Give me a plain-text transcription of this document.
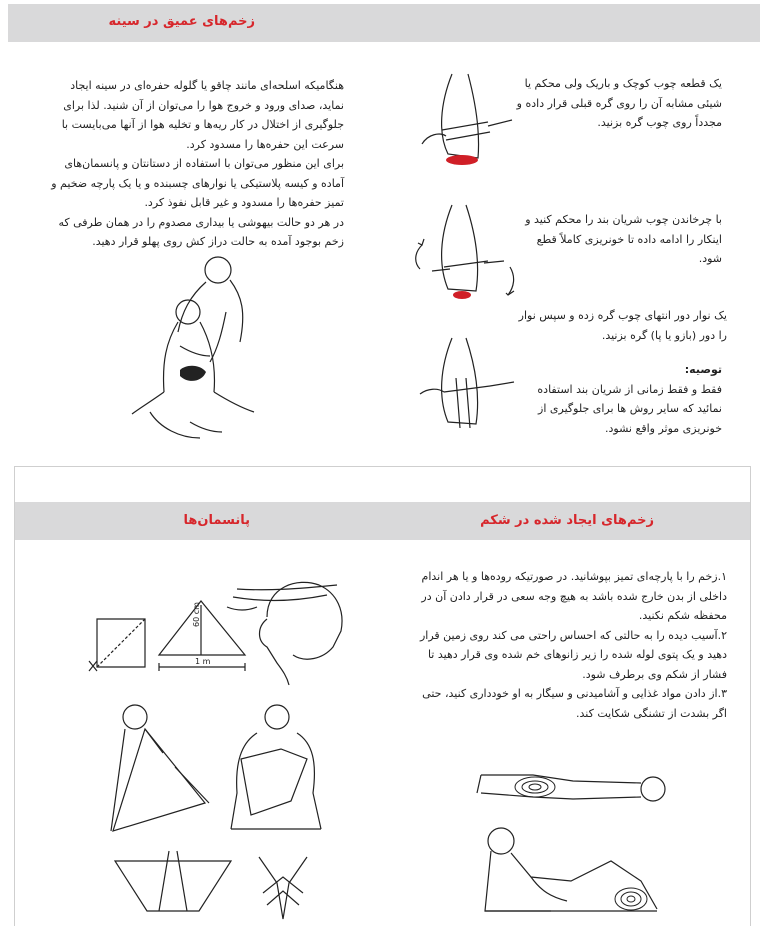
زخم‌های عمیق در سینه

هنگامیکه اسلحه‌ای مانند چاقو یا گلوله حفره‌ای در سینه ایجاد نماید، صدای ورود و خروج هوا را می‌توان از آن شنید. لذا برای جلوگیری از اختلال در کار ریه‌ها و تخلیه هوا از آنها می‌بایست با سرعت این حفره‌ها را مسدود کرد.

برای این منظور می‌توان با استفاده از دستانتان و پانسمان‌های آماده و کیسه پلاستیکی یا نوارهای چسبنده و یا یک پارچه ضخیم و تمیز حفره‌ها را مسدود و غیر قابل نفوذ کرد.

در هر دو حالت بیهوشی یا بیداری مصدوم را در همان طرفی که زخم بوجود آمده به حالت دراز کش روی پهلو قرار دهید.

یک قطعه چوب کوچک و باریک ولی محکم یا شیئی مشابه آن را روی گره قبلی قرار داده و مجدداً روی چوب گره بزنید.
با چرخاندن چوب شریان بند را محکم کنید و اینکار را ادامه داده تا خونریزی کاملاً قطع شود.
یک نوار دور انتهای چوب گره زده و سپس نوار را دور (بازو یا پا) گره بزنید.

توصیه:

فقط و فقط زمانی از شریان بند استفاده نمائید که سایر روش ها برای جلوگیری از خونریزی موثر واقع نشود.

پانسمان‌ها	زخم‌های ایجاد شده در شکم

۱.زخم را با پارچه‌ای تمیز بپوشانید. در صورتیکه روده‌ها و یا هر اندام داخلی از بدن خارج شده باشد به هیچ وجه سعی در قرار دادن آن در محفظه شکم نکنید.

۲.آسیب دیده را به حالتی که احساس راحتی می کند روی زمین قرار دهید و یک پتوی لوله شده را زیر زانوهای خم شده وی قرار دهید تا فشار از شکم وی برطرف شود.

۳.از دادن مواد غذایی و آشامیدنی و سیگار به او خودداری کنید، حتی اگر بشدت از تشنگی شکایت کند.

60 cm
1 m
